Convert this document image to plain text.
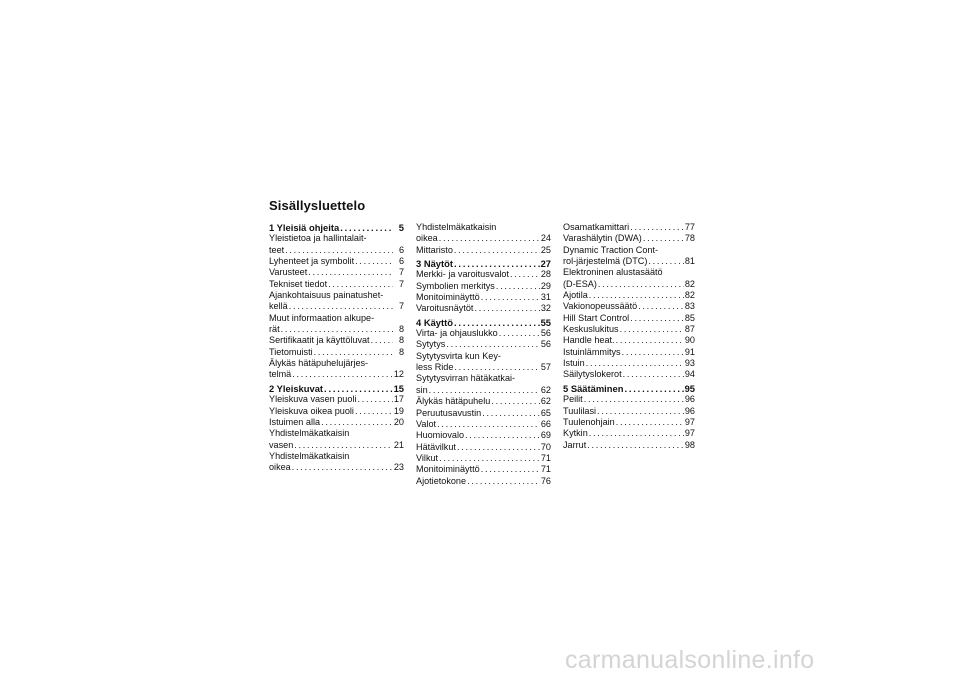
Sisällysluettelo
1 Yleisiä ohjeita . . .	5
Yleistietoa ja hallintalait-
teet . . .	6
Lyhenteet ja symbolit . . .	6
Varusteet . . .	7
Tekniset tiedot . . .	7
Ajankohtaisuus painatushet-
kellä . . .	7
Muut informaation alkupe-
rät . . .	8
Sertifikaatit ja käyttöluvat . . .	8
Tietomuisti . . .	8
Älykäs hätäpuhelujärjes-
telmä . . .	12
2 Yleiskuvat . . .	15
Yleiskuva vasen puoli . . .	17
Yleiskuva oikea puoli . . .	19
Istuimen alla . . .	20
Yhdistelmäkatkaisin
vasen . . .	21
Yhdistelmäkatkaisin
oikea . . .	23
Yhdistelmäkatkaisin
oikea . . .	24
Mittaristo . . .	25
3 Näytöt . . .	27
Merkki- ja varoitusvalot . . .	28
Symbolien merkitys . . .	29
Monitoiminäyttö . . .	31
Varoitusnäytöt . . .	32
4 Käyttö . . .	55
Virta- ja ohjauslukko . . .	56
Sytytys . . .	56
Sytytysvirta kun Key-
less Ride . . .	57
Sytytysvirran hätäkatkai-
sin . . .	62
Älykäs hätäpuhelu . . .	62
Peruutusavustin . . .	65
Valot . . .	66
Huomiovalo . . .	69
Hätävilkut . . .	70
Vilkut . . .	71
Monitoiminäyttö . . .	71
Ajotietokone . . .	76
Osamatkamittari . . .	77
Varashälytin (DWA) . . .	78
Dynamic Traction Cont-
rol-järjestelmä (DTC) . . .	81
Elektroninen alustasäätö
(D-ESA) . . .	82
Ajotila . . .	82
Vakionopeussäätö . . .	83
Hill Start Control . . .	85
Keskuslukitus . . .	87
Handle heat. . . .	90
Istuinlämmitys . . .	91
Istuin . . .	93
Säilytyslokerot . . .	94
5 Säätäminen . . .	95
Peilit . . .	96
Tuulilasi . . .	96
Tuulenohjain . . .	97
Kytkin . . .	97
Jarrut . . .	98
carmanualsonline.info
